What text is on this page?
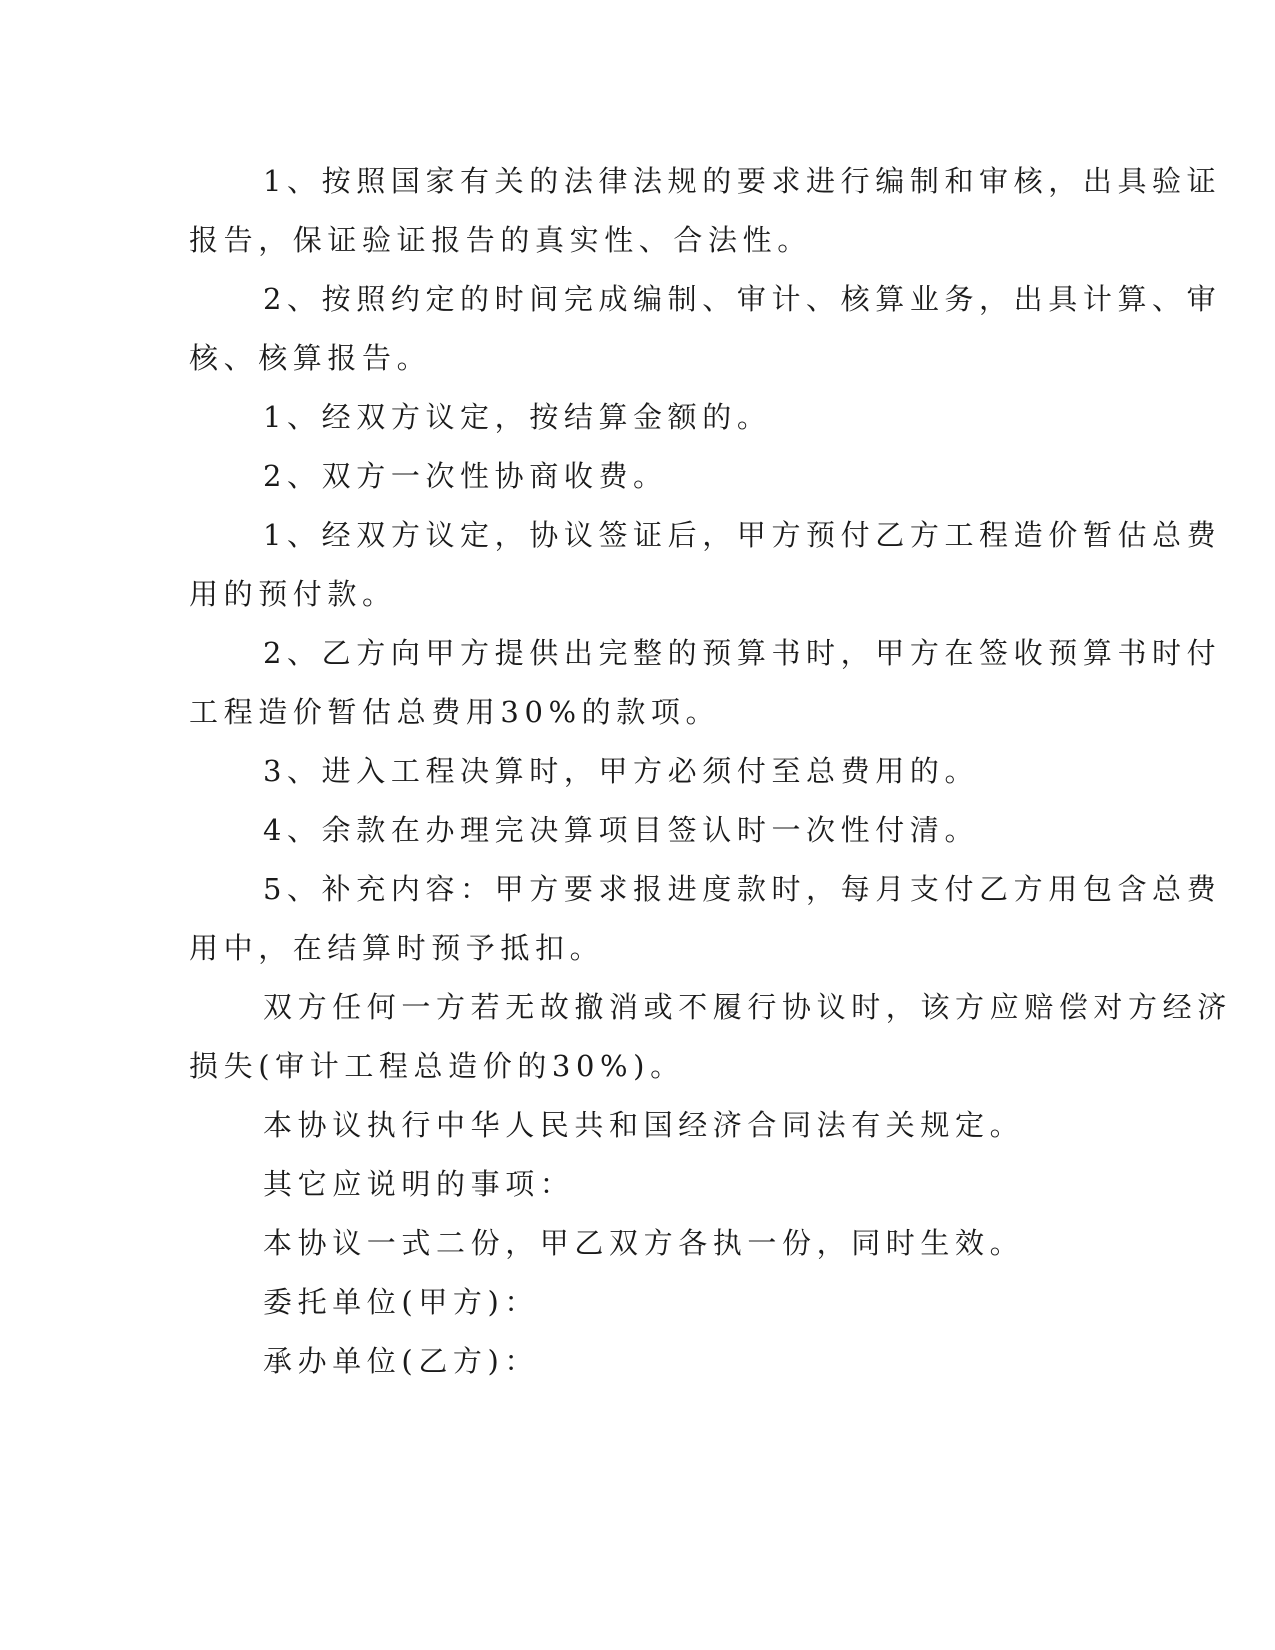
1、按照国家有关的法律法规的要求进行编制和审核，出具验证
报告，保证验证报告的真实性、合法性。
2、按照约定的时间完成编制、审计、核算业务，出具计算、审
核、核算报告。
1、经双方议定，按结算金额的。
2、双方一次性协商收费。
1、经双方议定，协议签证后，甲方预付乙方工程造价暂估总费
用的预付款。
2、乙方向甲方提供出完整的预算书时，甲方在签收预算书时付
工程造价暂估总费用30%的款项。
3、进入工程决算时，甲方必须付至总费用的。
4、余款在办理完决算项目签认时一次性付清。
5、补充内容：甲方要求报进度款时，每月支付乙方用包含总费
用中，在结算时预予抵扣。
双方任何一方若无故撤消或不履行协议时，该方应赔偿对方经济
损失(审计工程总造价的30%)。
本协议执行中华人民共和国经济合同法有关规定。
其它应说明的事项：
本协议一式二份，甲乙双方各执一份，同时生效。
委托单位(甲方)：
承办单位(乙方)：
